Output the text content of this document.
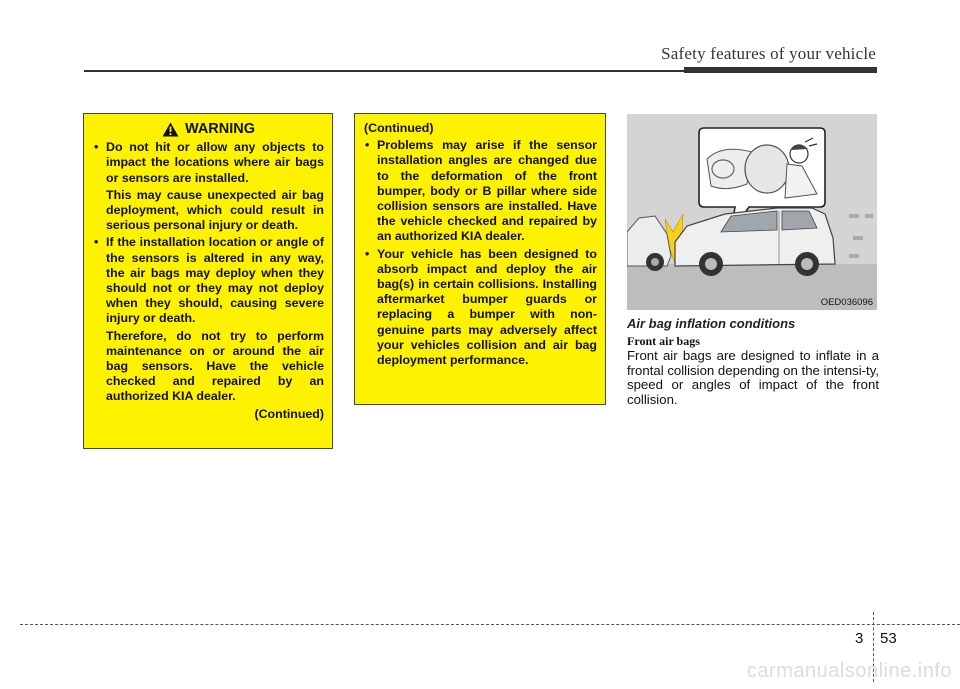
Safety features of your vehicle
WARNING
• Do not hit or allow any objects to impact the locations where air bags or sensors are installed.
This may cause unexpected air bag deployment, which could result in serious personal injury or death.
• If the installation location or angle of the sensors is altered in any way, the air bags may deploy when they should not or they may not deploy when they should, causing severe injury or death.
Therefore, do not try to perform maintenance on or around the air bag sensors. Have the vehicle checked and repaired by an authorized KIA dealer.
(Continued)
(Continued)
• Problems may arise if the sensor installation angles are changed due to the deformation of the front bumper, body or B pillar where side collision sensors are installed. Have the vehicle checked and repaired by an authorized KIA dealer.
• Your vehicle has been designed to absorb impact and deploy the air bag(s) in certain collisions. Installing aftermarket bumper guards or replacing a bumper with non-genuine parts may adversely affect your vehicles collision and air bag deployment performance.
OED036096
Air bag inflation conditions
Front air bags
Front air bags are designed to inflate in a frontal collision depending on the intensi-ty, speed or angles of impact of the front collision.
3 53
carmanualsonline.info
